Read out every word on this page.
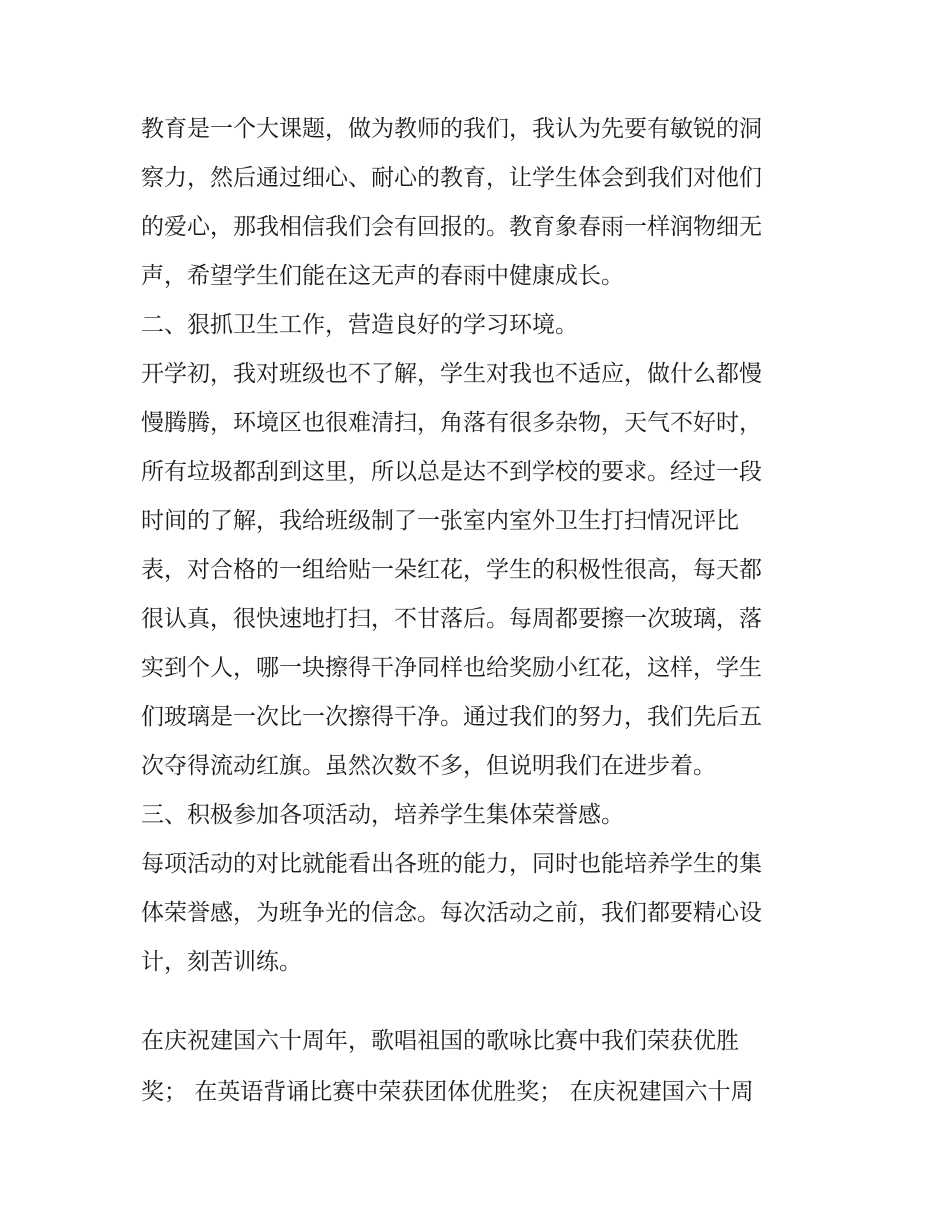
教育是一个大课题，做为教师的我们，我认为先要有敏锐的洞

察力，然后通过细心、耐心的教育，让学生体会到我们对他们

的爱心，那我相信我们会有回报的。教育象春雨一样润物细无

声，希望学生们能在这无声的春雨中健康成长。

二、狠抓卫生工作，营造良好的学习环境。

开学初，我对班级也不了解，学生对我也不适应，做什么都慢

慢腾腾，环境区也很难清扫，角落有很多杂物，天气不好时，

所有垃圾都刮到这里，所以总是达不到学校的要求。经过一段

时间的了解，我给班级制了一张室内室外卫生打扫情况评比

表，对合格的一组给贴一朵红花，学生的积极性很高，每天都

很认真，很快速地打扫，不甘落后。每周都要擦一次玻璃，落

实到个人，哪一块擦得干净同样也给奖励小红花，这样，学生

们玻璃是一次比一次擦得干净。通过我们的努力，我们先后五

次夺得流动红旗。虽然次数不多，但说明我们在进步着。

三、积极参加各项活动，培养学生集体荣誉感。

每项活动的对比就能看出各班的能力，同时也能培养学生的集

体荣誉感，为班争光的信念。每次活动之前，我们都要精心设

计，刻苦训练。

在庆祝建国六十周年，歌唱祖国的歌咏比赛中我们荣获优胜

奖； 在英语背诵比赛中荣获团体优胜奖； 在庆祝建国六十周
